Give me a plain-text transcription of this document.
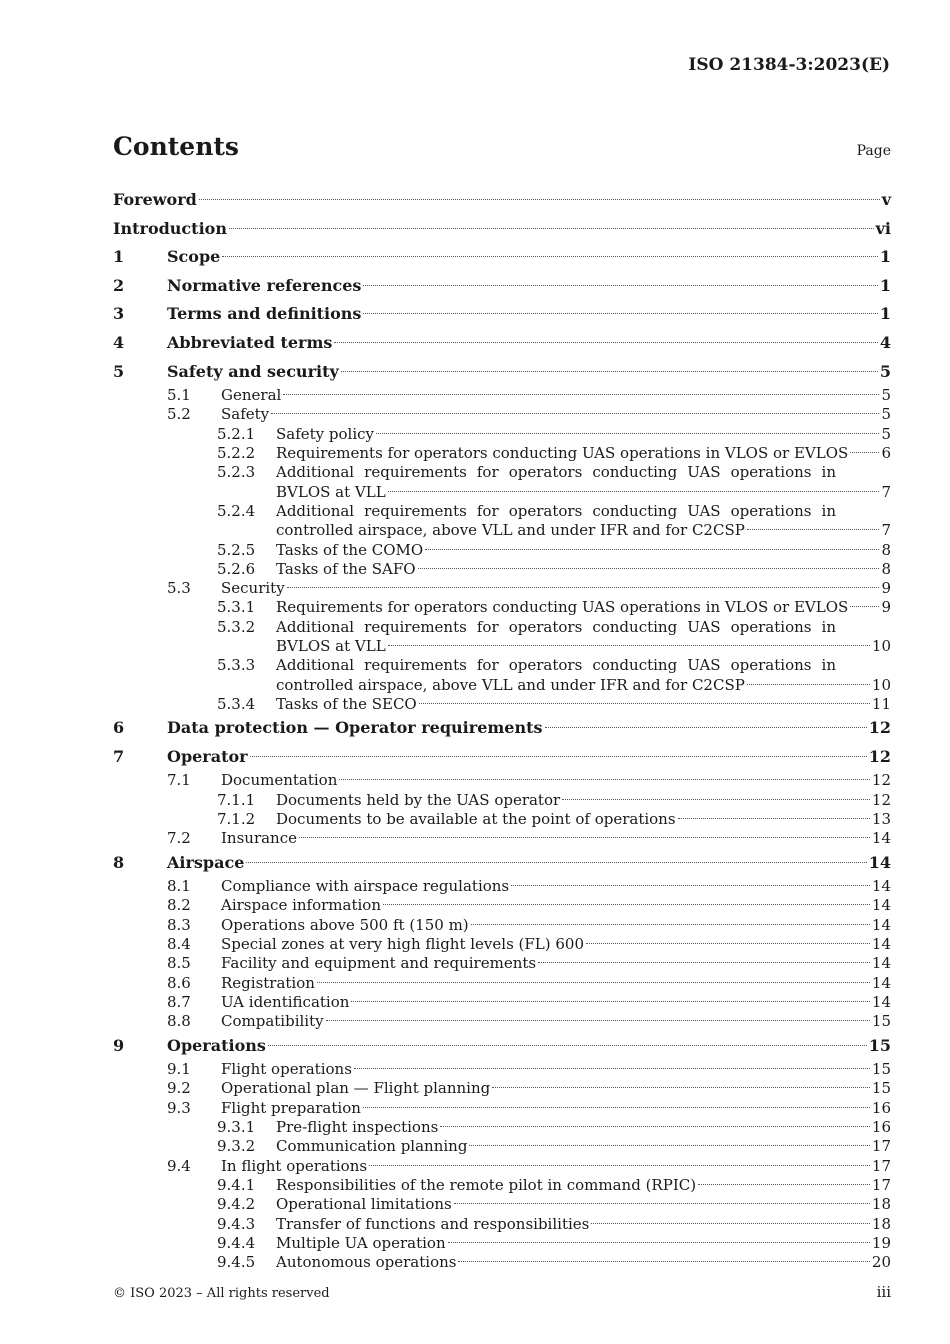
ISO 21384-3:2023(E)
Contents	Page
Foreword	v
Introduction	vi
1	Scope	1
2	Normative references	1
3	Terms and definitions	1
4	Abbreviated terms	4
5	Safety and security	5
5.1 General	5
5.2 Safety	5
5.2.1 Safety policy	5
5.2.2 Requirements for operators conducting UAS operations in VLOS or EVLOS 6
5.2.3 Additional requirements for operators conducting UAS operations in
BVLOS at VLL	7
5.2.4 Additional requirements for operators conducting UAS operations in
controlled airspace, above VLL and under IFR and for C2CSP	7
5.2.5 Tasks of the COMO	8
5.2.6 Tasks of the SAFO	8
5.3 Security	9
5.3.1 Requirements for operators conducting UAS operations in VLOS or EVLOS 9
5.3.2 Additional requirements for operators conducting UAS operations in
BVLOS at VLL	10
5.3.3 Additional requirements for operators conducting UAS operations in
controlled airspace, above VLL and under IFR and for C2CSP	10
5.3.4 Tasks of the SECO	11
6	Data protection — Operator requirements	12
7	Operator	12
7.1 Documentation	12
7.1.1 Documents held by the UAS operator	12
7.1.2 Documents to be available at the point of operations	13
7.2 Insurance	14
8	Airspace	14
8.1 Compliance with airspace regulations	14
8.2 Airspace information	14
8.3 Operations above 500 ft (150 m)	14
8.4 Special zones at very high flight levels (FL) 600	14
8.5 Facility and equipment and requirements	14
8.6 Registration	14
8.7 UA identification	14
8.8 Compatibility	15
9	Operations	15
9.1 Flight operations	15
9.2 Operational plan — Flight planning	15
9.3 Flight preparation	16
9.3.1 Pre-flight inspections	16
9.3.2 Communication planning	17
9.4 In flight operations	17
9.4.1 Responsibilities of the remote pilot in command (RPIC)	17
9.4.2 Operational limitations	18
9.4.3 Transfer of functions and responsibilities	18
9.4.4 Multiple UA operation	19
9.4.5 Autonomous operations	20
© ISO 2023 – All rights reserved	iii
